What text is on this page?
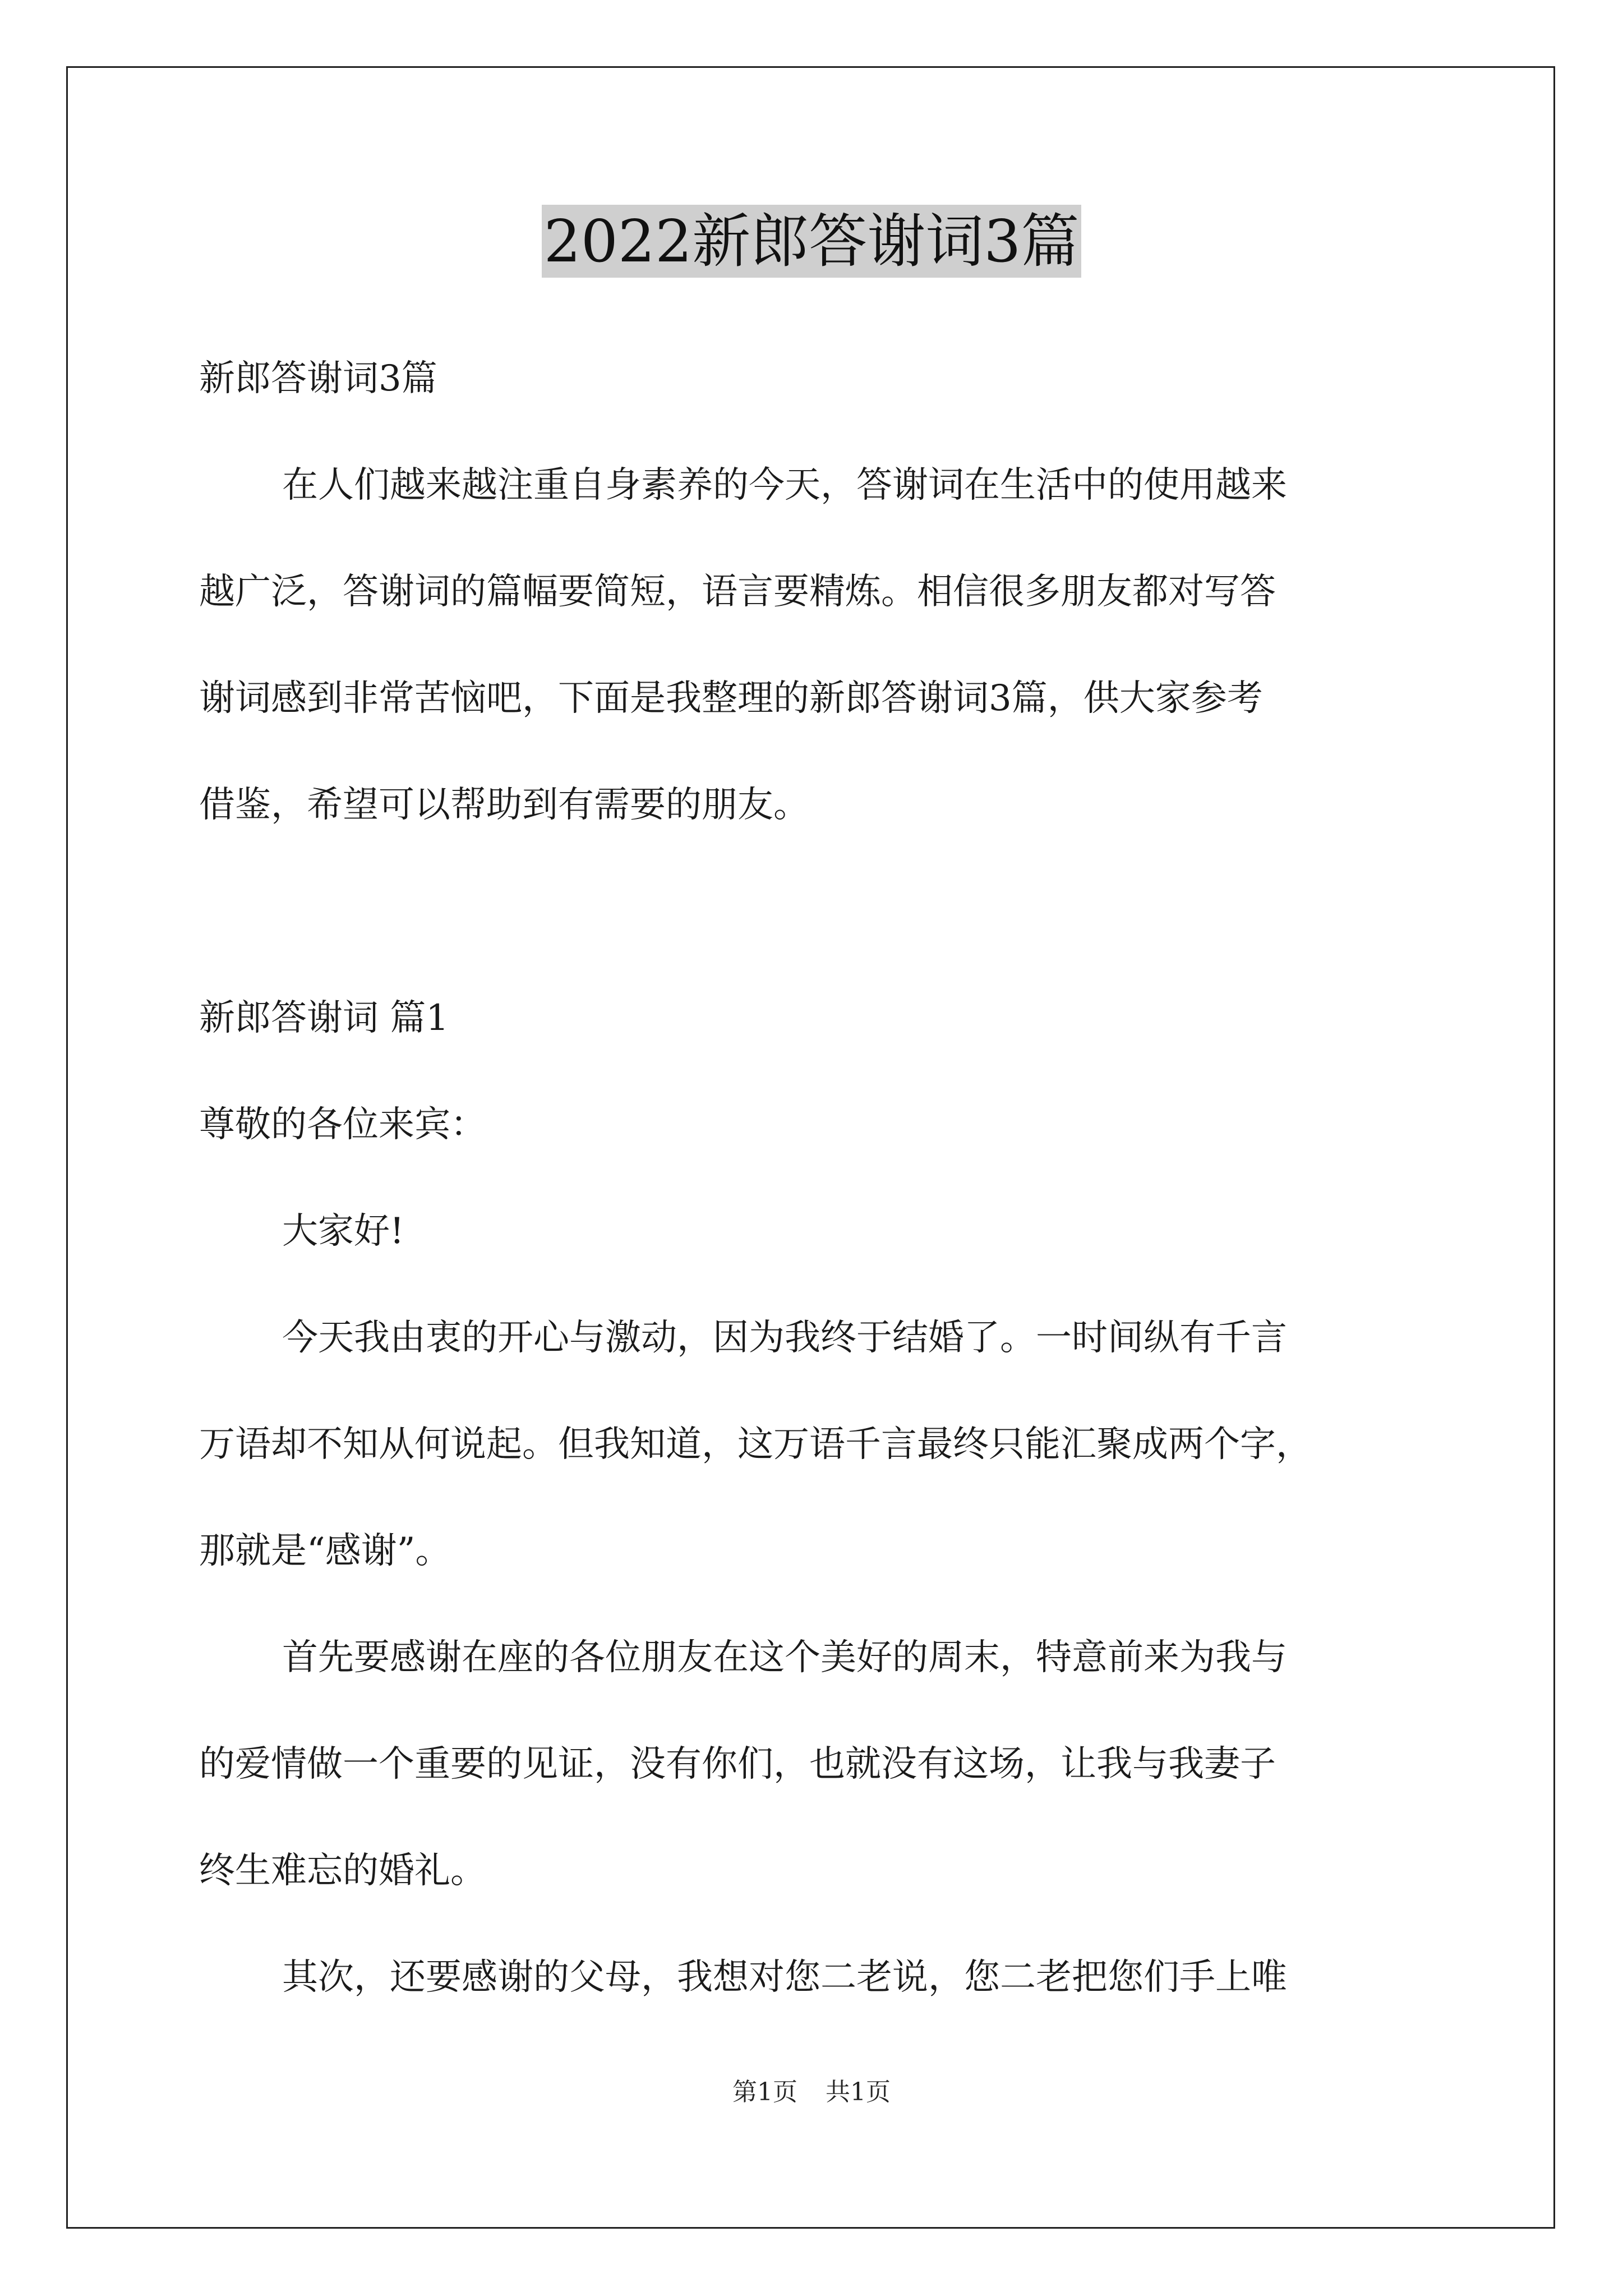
2022新郎答谢词3篇
新郎答谢词3篇
在人们越来越注重自身素养的今天，答谢词在生活中的使用越来
越广泛，答谢词的篇幅要简短，语言要精炼。相信很多朋友都对写答
谢词感到非常苦恼吧，下面是我整理的新郎答谢词3篇，供大家参考
借鉴，希望可以帮助到有需要的朋友。
新郎答谢词 篇1
尊敬的各位来宾：
大家好!
今天我由衷的开心与激动，因为我终于结婚了。一时间纵有千言
万语却不知从何说起。但我知道，这万语千言最终只能汇聚成两个字，
那就是“感谢”。
首先要感谢在座的各位朋友在这个美好的周末，特意前来为我与
的爱情做一个重要的见证，没有你们，也就没有这场，让我与我妻子
终生难忘的婚礼。
其次，还要感谢的父母，我想对您二老说，您二老把您们手上唯
第1页 共1页
